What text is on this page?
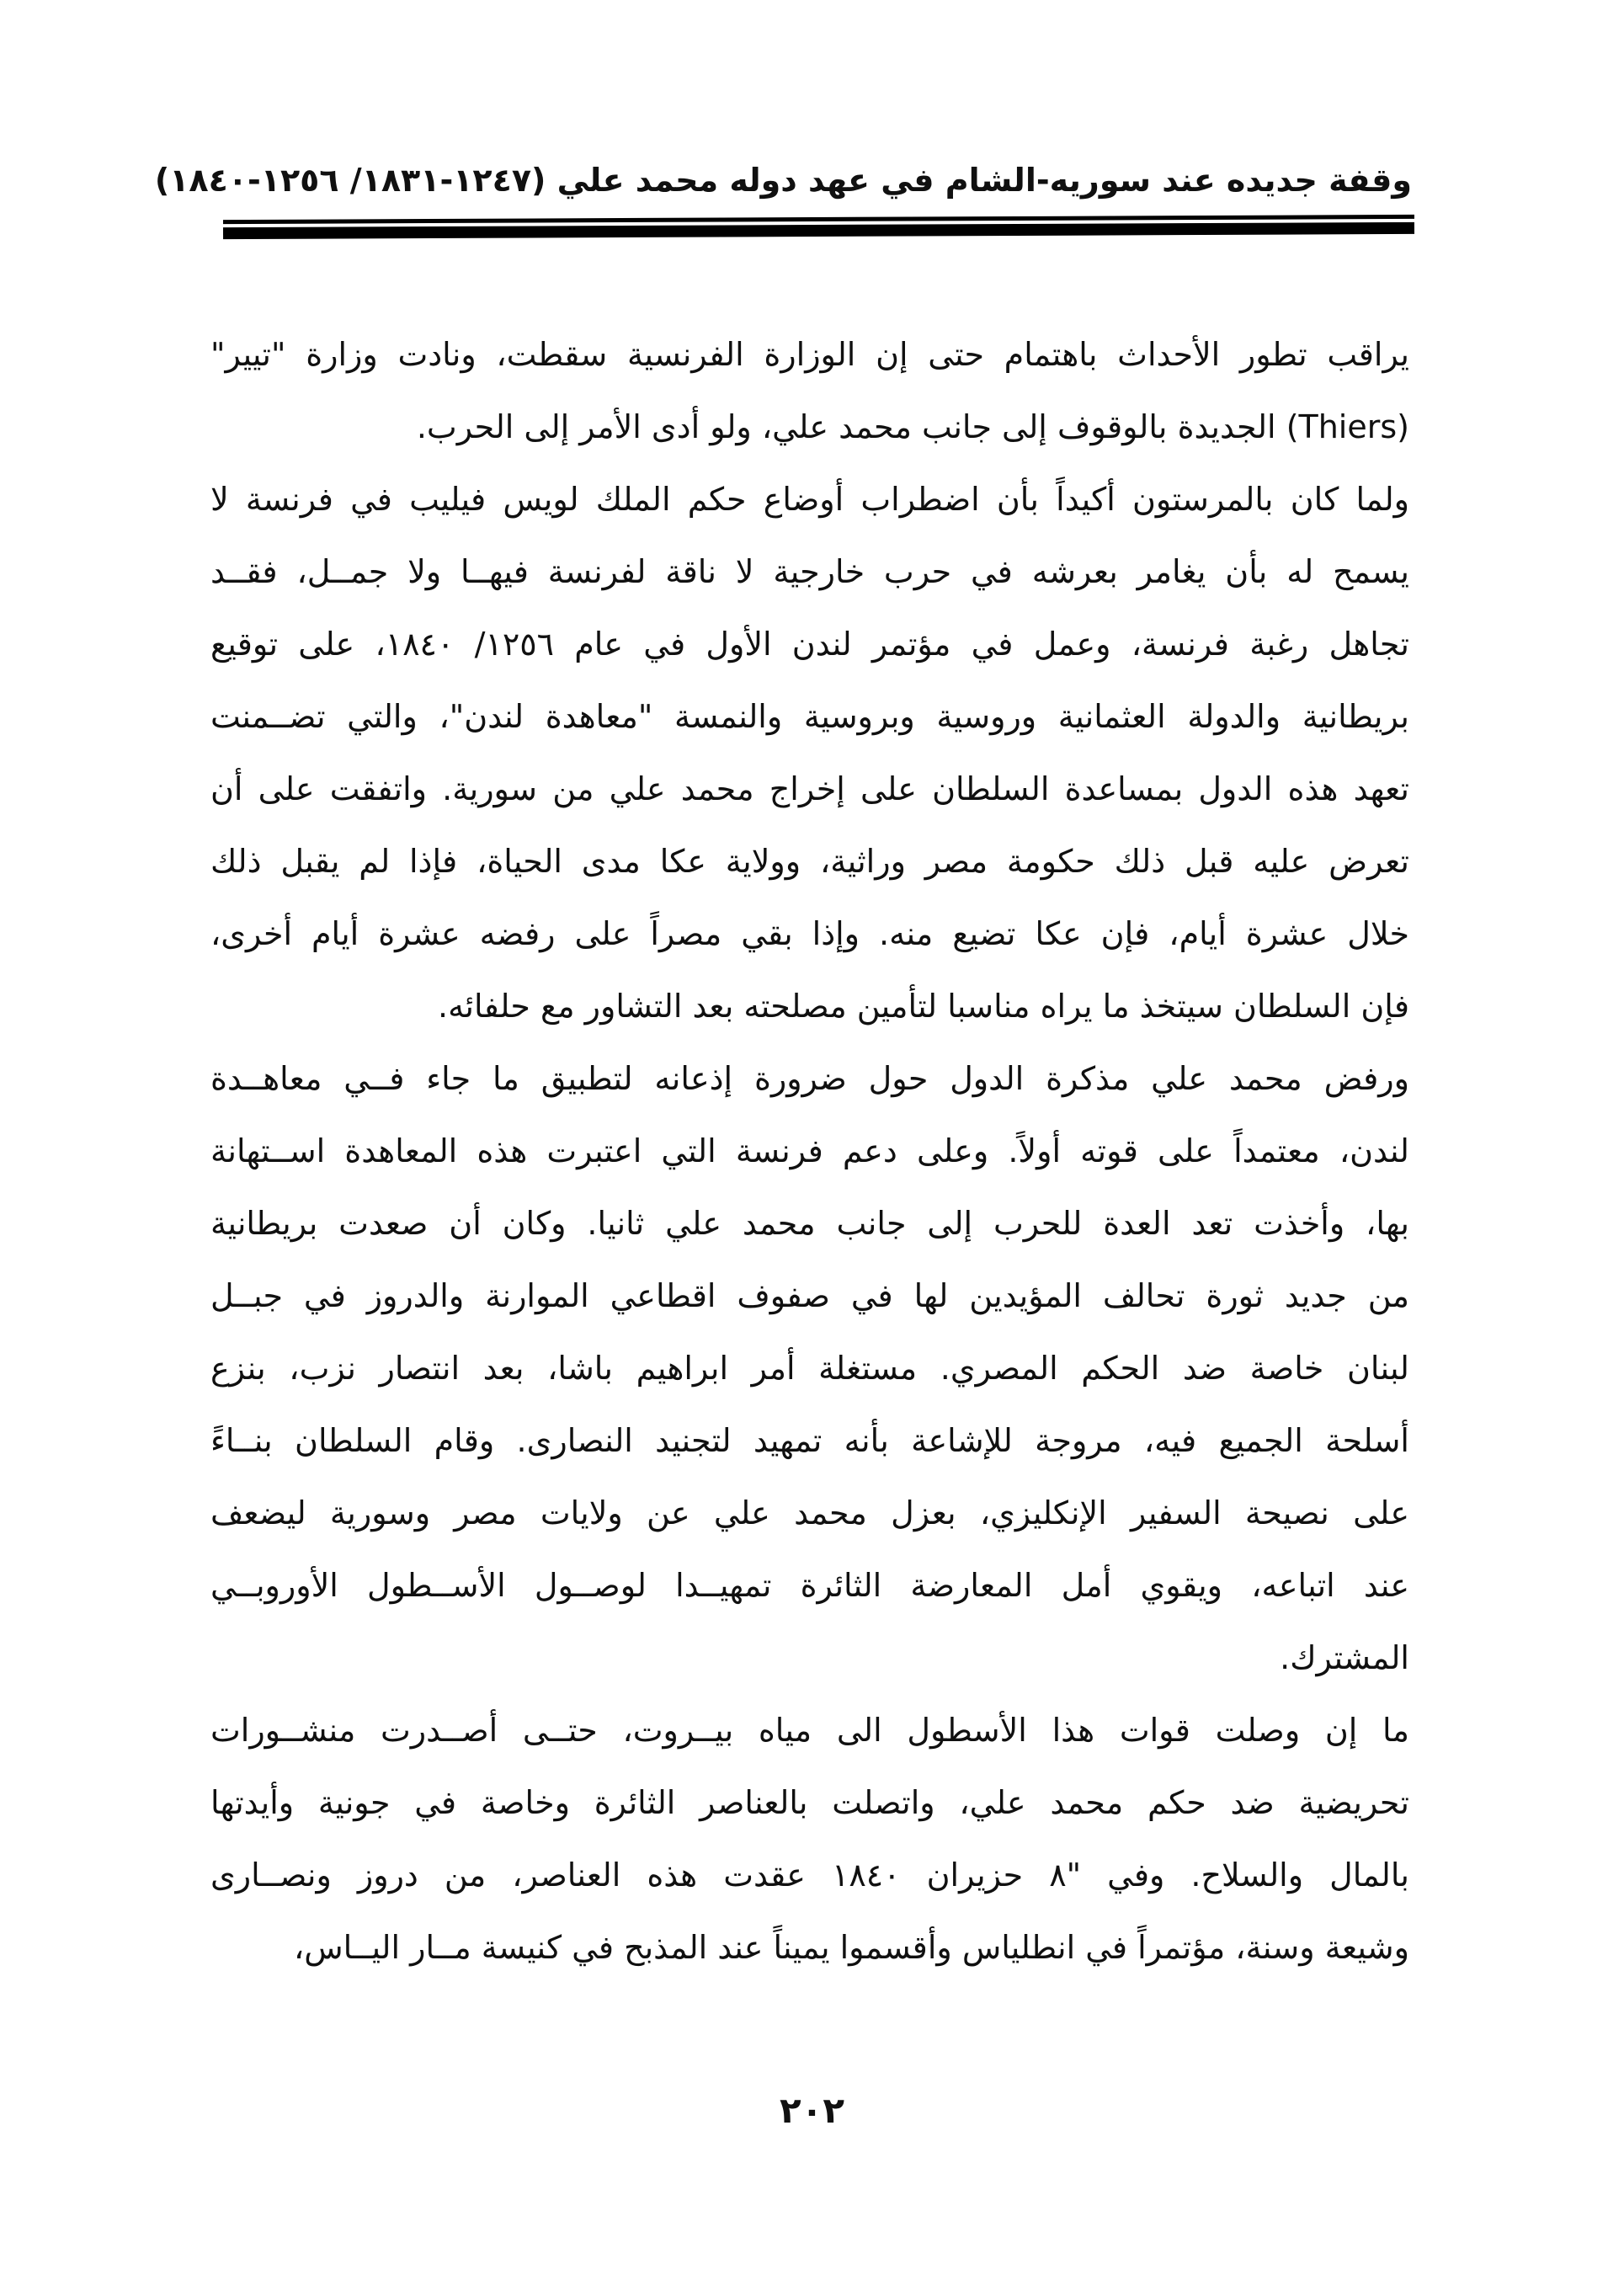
وقفة جديده عند سوريه-الشام في عهد دوله محمد علي (١٢٤٧-١٨٣١/ ١٢٥٦-١٨٤٠)
يراقب تطور الأحداث باهتمام حتى إن الوزارة الفرنسية سقطت، ونادت وزارة "تيير"
(Thiers) الجديدة بالوقوف إلى جانب محمد علي، ولو أدى الأمر إلى الحرب.
ولما كان بالمرستون أكيداً بأن اضطراب أوضاع حكم الملك لويس فيليب في فرنسة لا
يسمح له بأن يغامر بعرشه في حرب خارجية لا ناقة لفرنسة فيهــا ولا جمــل، فقــد
تجاهل رغبة فرنسة، وعمل في مؤتمر لندن الأول في عام ١٢٥٦/ ١٨٤٠، على توقيع
بريطانية والدولة العثمانية وروسية وبروسية والنمسة "معاهدة لندن"، والتي تضــمنت
تعهد هذه الدول بمساعدة السلطان على إخراج محمد علي من سورية. واتفقت على أن
تعرض عليه قبل ذلك حكومة مصر وراثية، وولاية عكا مدى الحياة، فإذا لم يقبل ذلك
خلال عشرة أيام، فإن عكا تضيع منه. وإذا بقي مصراً على رفضه عشرة أيام أخرى،
فإن السلطان سيتخذ ما يراه مناسبا لتأمين مصلحته بعد التشاور مع حلفائه.
ورفض محمد علي مذكرة الدول حول ضرورة إذعانه لتطبيق ما جاء فــي معاهــدة
لندن، معتمداً على قوته أولاً. وعلى دعم فرنسة التي اعتبرت هذه المعاهدة اســتهانة
بها، وأخذت تعد العدة للحرب إلى جانب محمد علي ثانيا. وكان أن صعدت بريطانية
من جديد ثورة تحالف المؤيدين لها في صفوف اقطاعي الموارنة والدروز في جبــل
لبنان خاصة ضد الحكم المصري. مستغلة أمر ابراهيم باشا، بعد انتصار نزب، بنزع
أسلحة الجميع فيه، مروجة للإشاعة بأنه تمهيد لتجنيد النصارى. وقام السلطان بنــاءً
على نصيحة السفير الإنكليزي، بعزل محمد علي عن ولايات مصر وسورية ليضعف
عند اتباعه، ويقوي أمل المعارضة الثائرة تمهيــدا لوصــول الأســطول الأوروبــي
المشترك.
ما إن وصلت قوات هذا الأسطول الى مياه بيــروت، حتــى أصــدرت منشــورات
تحريضية ضد حكم محمد علي، واتصلت بالعناصر الثائرة وخاصة في جونية وأيدتها
بالمال والسلاح. وفي "٨ حزيران ١٨٤٠ عقدت هذه العناصر، من دروز ونصــارى
وشيعة وسنة، مؤتمراً في انطلياس وأقسموا يميناً عند المذبح في كنيسة مــار اليــاس،
٢٠٢
